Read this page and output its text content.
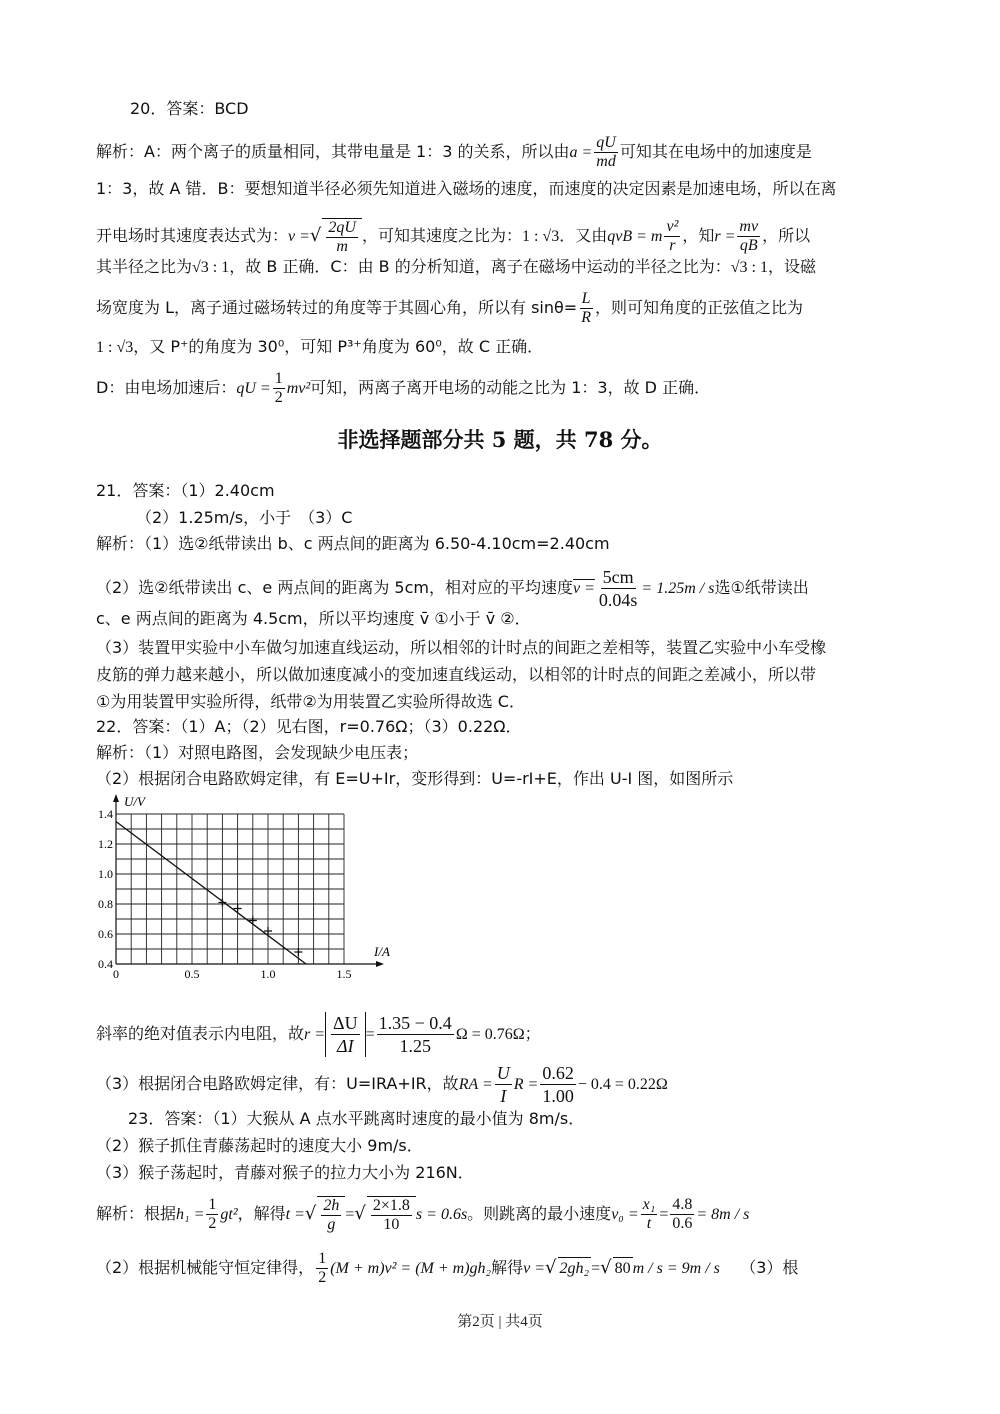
20．答案：BCD
解析：A：两个离子的质量相同，其带电量是 1：3 的关系，所以由$a = \frac{qU}{md}$ 可知其在电场中的加速度是
1：3，故 A 错．B：要想知道半径必须先知道进入磁场的速度，而速度的决定因素是加速电场，所以在离
开电场时其速度表达式为：v =√ $\frac{2qU}{m}$ ，可知其速度之比为：1 : √3．又由qvB = m $\frac{\text{v²}}{r}$ ，知$r = \frac{mv}{qB}$ ，所以
其半径之比为√3 : 1，故 B 正确．C：由 B 的分析知道，离子在磁场中运动的半径之比为：√3 : 1，设磁
场宽度为 L，离子通过磁场转过的角度等于其圆心角，所以有 $\sin\theta= \frac{L}{R}$ ，则可知角度的正弦值之比为
1 : √3，又 P⁺的角度为 30⁰，可知 P³⁺角度为 60⁰，故 C 正确．
D：由电场加速后：qU = $\frac{1}{2} mv^2$可知，两离子离开电场的动能之比为 1：3，故 D 正确．
非选择题部分共 5 题，共 78 分。
21．答案：（1）2.40cm
（2）1.25m/s，小于　（3）C
解析：（1）选②纸带读出 b、c 两点间的距离为 6.50-4.10cm=2.40cm
（2）选②纸带读出 c、e 两点间的距离为 5cm，相对应的平均速度$v = \frac{5cm}{0.04s} = 1.25m / s$选①纸带读出
c、e 两点间的距离为 4.5cm，所以平均速度 v̄ ①小于 v̄ ②．
（3）装置甲实验中小车做匀加速直线运动，所以相邻的计时点的间距之差相等，装置乙实验中小车受橡
皮筋的弹力越来越小，所以做加速度减小的变加速直线运动，以相邻的计时点的间距之差减小，所以带
①为用装置甲实验所得，纸带②为用装置乙实验所得故选 C．
22．答案：（1）A；（2）见右图，r=0.76Ω；（3）0.22Ω．
解析：（1）对照电路图，会发现缺少电压表；
（2）根据闭合电路欧姆定律，有 E=U+Ir，变形得到：U=-rI+E，作出 U-I 图，如图所示
0	0.5	1.0	1.5
0.4
0.6
0.8
1.0
1.2
1.4
I/A
U/V
斜率的绝对值表示内电阻，故$r = \frac{\Delta U}{\Delta I} = \frac{1.35 - 0.4}{1.25}$ Ω = 0.76Ω；
（3）根据闭合电路欧姆定律，有：U=IRA+IR，故RA = $\frac{U}{I}$ $R = \frac{0.62}{1.00} - 0.4 = 0.22\Omega$
23．答案：（1）大猴从 A 点水平跳离时速度的最小值为 8m/s．
（2）猴子抓住青藤荡起时的速度大小 9m/s．
（3）猴子荡起时，青藤对猴子的拉力大小为 216N．
解析：根据$h_1 = \frac{1}{2} gt^2$，解得t =√ $\frac{2h}{g}$ =√ $\frac{2\times 1.8}{10}$ s = 0.6s。则跳离的最小速度$v_0 = \frac{\text{x₁}}{t} = \frac{4.8}{0.6} = 8m / s$
（2）根据机械能守恒定律得， $\frac{1}{2} (M + m)v^2 = (M + m)gh_2$解得v =√ 2gh₂ =√ 80 m / s = 9m / s （3）根
第2页 | 共4页
